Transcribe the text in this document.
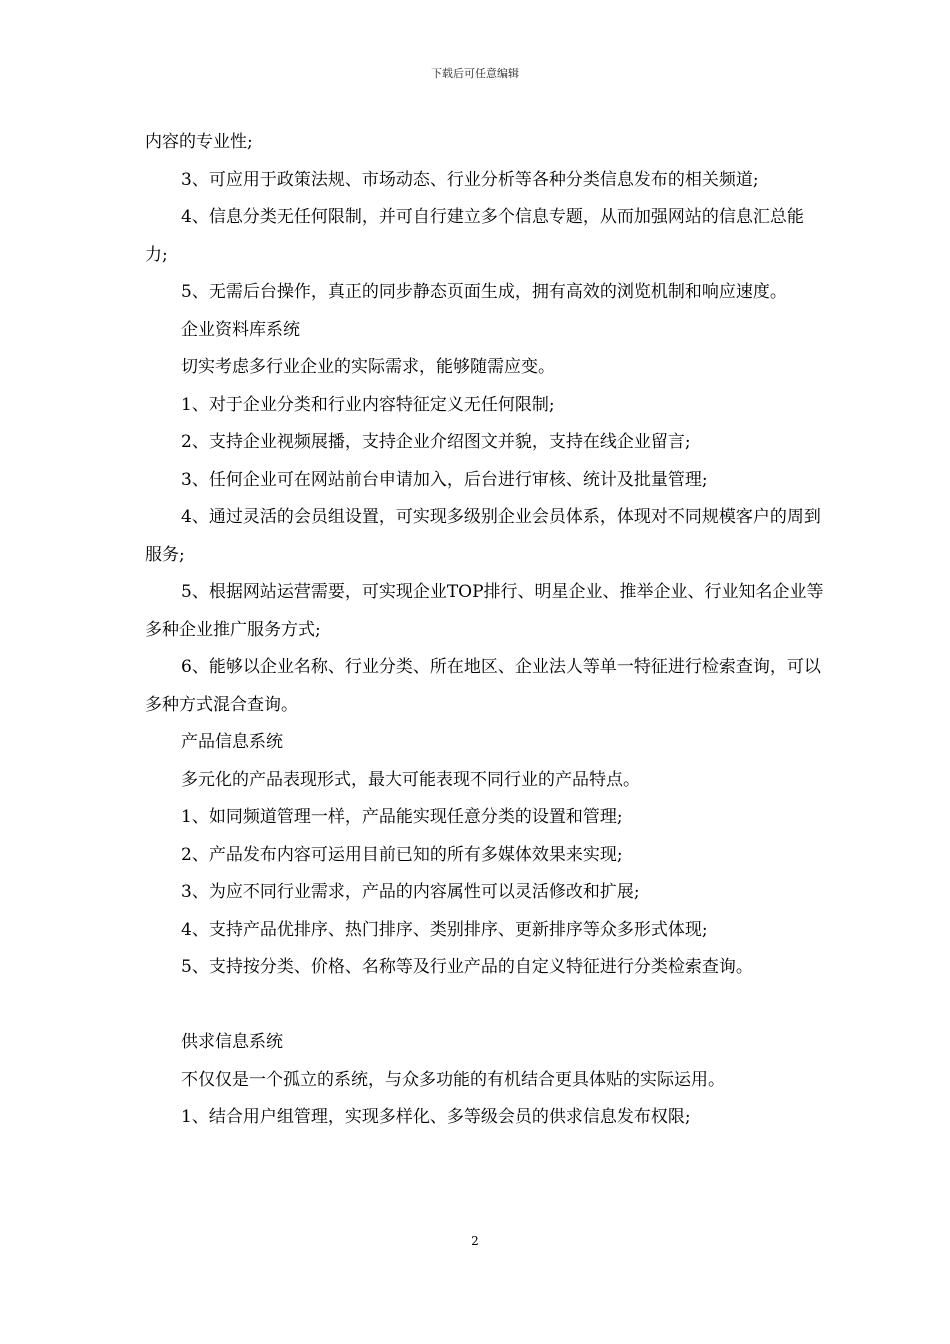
下载后可任意编辑

内容的专业性;

3、可应用于政策法规、市场动态、行业分析等各种分类信息发布的相关频道;

4、信息分类无任何限制，并可自行建立多个信息专题，从而加强网站的信息汇总能力;

5、无需后台操作，真正的同步静态页面生成，拥有高效的浏览机制和响应速度。

企业资料库系统

切实考虑多行业企业的实际需求，能够随需应变。

1、对于企业分类和行业内容特征定义无任何限制;

2、支持企业视频展播，支持企业介绍图文并貌，支持在线企业留言;

3、任何企业可在网站前台申请加入，后台进行审核、统计及批量管理;

4、通过灵活的会员组设置，可实现多级别企业会员体系，体现对不同规模客户的周到服务;

5、根据网站运营需要，可实现企业TOP排行、明星企业、推举企业、行业知名企业等多种企业推广服务方式;

6、能够以企业名称、行业分类、所在地区、企业法人等单一特征进行检索查询，可以多种方式混合查询。

产品信息系统

多元化的产品表现形式，最大可能表现不同行业的产品特点。

1、如同频道管理一样，产品能实现任意分类的设置和管理;

2、产品发布内容可运用目前已知的所有多媒体效果来实现;

3、为应不同行业需求，产品的内容属性可以灵活修改和扩展;

4、支持产品优排序、热门排序、类别排序、更新排序等众多形式体现;

5、支持按分类、价格、名称等及行业产品的自定义特征进行分类检索查询。

供求信息系统

不仅仅是一个孤立的系统，与众多功能的有机结合更具体贴的实际运用。

1、结合用户组管理，实现多样化、多等级会员的供求信息发布权限;

2
